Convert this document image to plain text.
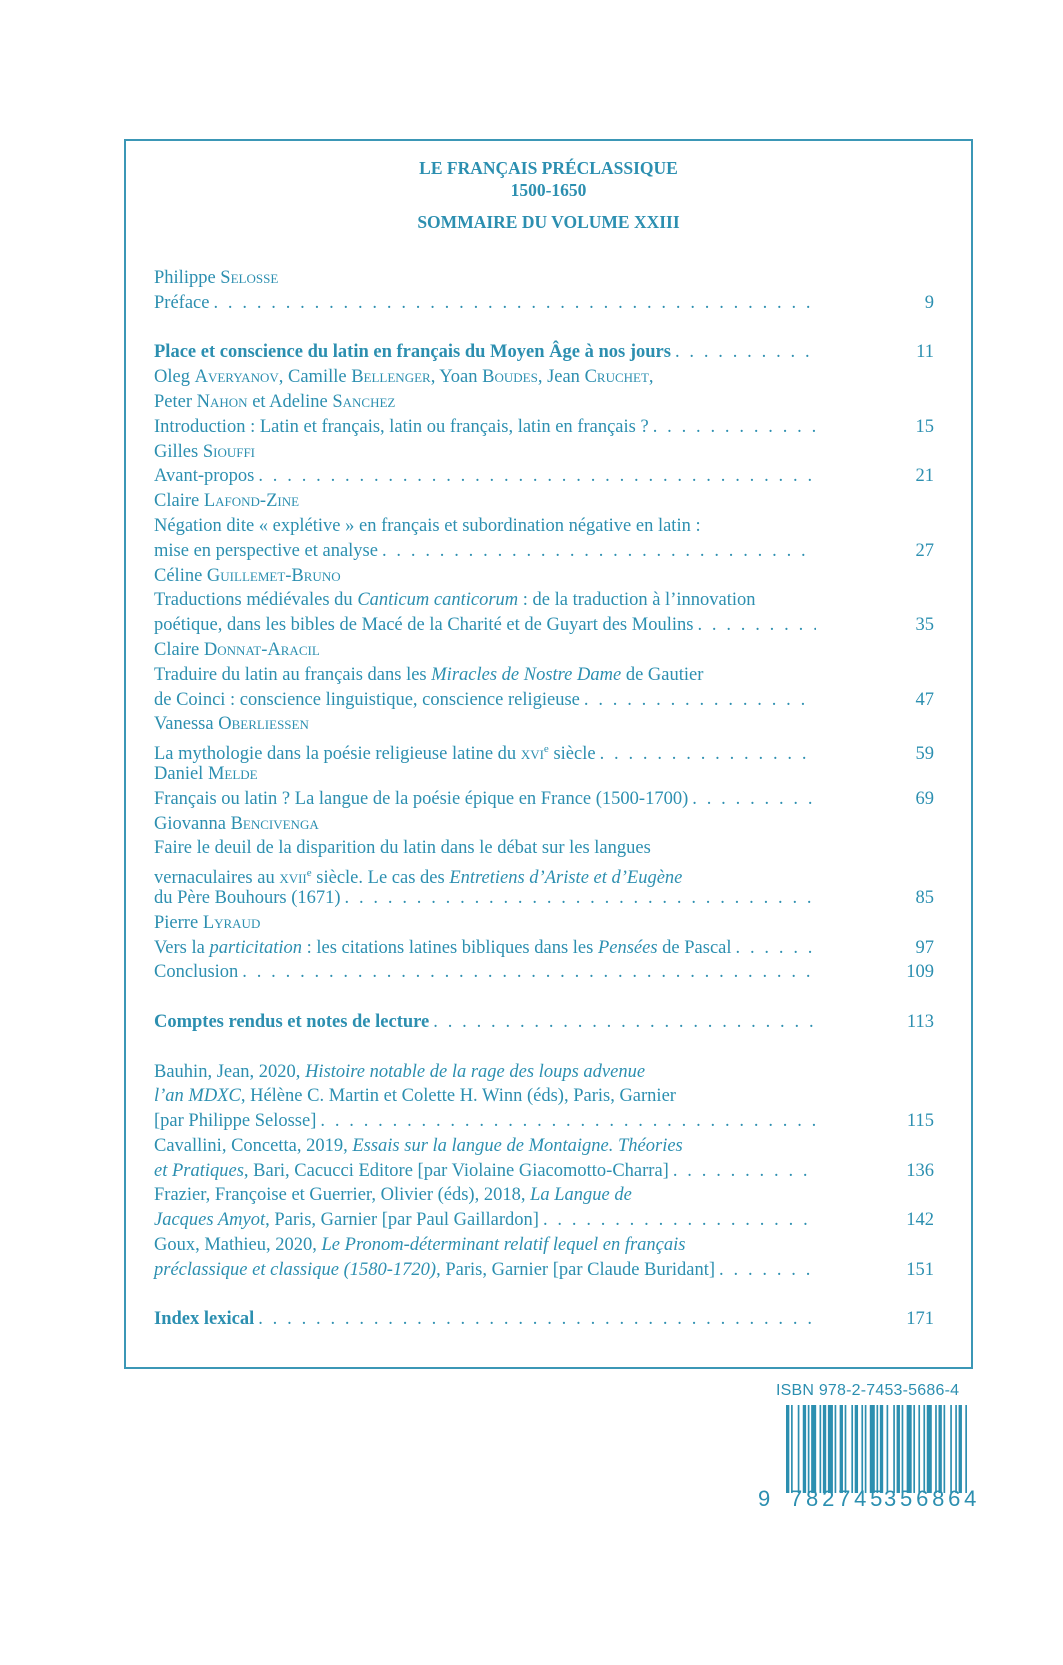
LE FRANÇAIS PRÉCLASSIQUE
1500-1650
SOMMAIRE DU VOLUME XXIII
Philippe Selosse
Préface . . .	9
Place et conscience du latin en français du Moyen Âge à nos jours . . .	11
Oleg Averyanov, Camille Bellenger, Yoan Boudes, Jean Cruchet,
Peter Nahon et Adeline Sanchez
Introduction : Latin et français, latin ou français, latin en français ? . . .	15
Gilles Siouffi
Avant-propos . . .	21
Claire Lafond-Zine
Négation dite « explétive » en français et subordination négative en latin :
mise en perspective et analyse . . .	27
Céline Guillemet-Bruno
Traductions médiévales du Canticum canticorum : de la traduction à l’innovation
poétique, dans les bibles de Macé de la Charité et de Guyart des Moulins . . .	35
Claire Donnat-Aracil
Traduire du latin au français dans les Miracles de Nostre Dame de Gautier
de Coinci : conscience linguistique, conscience religieuse . . .	47
Vanessa Oberliessen
La mythologie dans la poésie religieuse latine du xvi$^e$ siècle . . .	59
Daniel Melde
Français ou latin ? La langue de la poésie épique en France (1500-1700) . . .	69
Giovanna Bencivenga
Faire le deuil de la disparition du latin dans le débat sur les langues
vernaculaires au xvii$^e$ siècle. Le cas des Entretiens d’Ariste et d’Eugène
du Père Bouhours (1671) . . .	85
Pierre Lyraud
Vers la particitation : les citations latines bibliques dans les Pensées de Pascal . . .	97
Conclusion . . .	109
Comptes rendus et notes de lecture . . .	113
Bauhin, Jean, 2020, Histoire notable de la rage des loups advenue
l’an MDXC, Hélène C. Martin et Colette H. Winn (éds), Paris, Garnier
[par Philippe Selosse] . . .	115
Cavallini, Concetta, 2019, Essais sur la langue de Montaigne. Théories
et Pratiques, Bari, Cacucci Editore [par Violaine Giacomotto-Charra] . . .	136
Frazier, Françoise et Guerrier, Olivier (éds), 2018, La Langue de
Jacques Amyot, Paris, Garnier [par Paul Gaillardon] . . .	142
Goux, Mathieu, 2020, Le Pronom-déterminant relatif lequel en français
préclassique et classique (1580-1720), Paris, Garnier [par Claude Buridant] . . .	151
Index lexical . . .	171
ISBN 978-2-7453-5686-4
9 782745
356864
